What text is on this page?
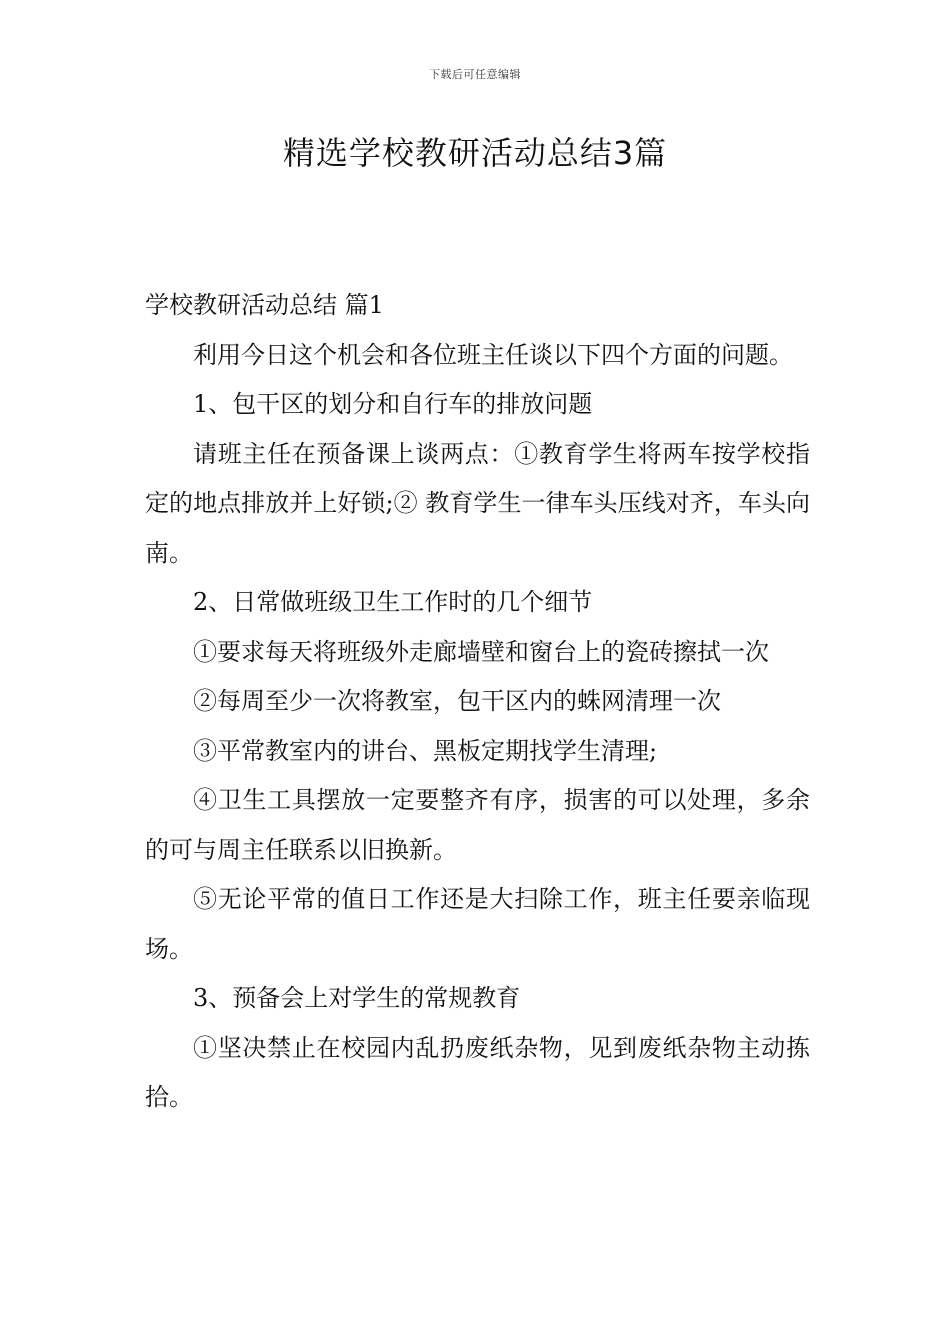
下载后可任意编辑
精选学校教研活动总结3篇

学校教研活动总结 篇1

利用今日这个机会和各位班主任谈以下四个方面的问题。

1、包干区的划分和自行车的排放问题

请班主任在预备课上谈两点：①教育学生将两车按学校指定的地点排放并上好锁;② 教育学生一律车头压线对齐，车头向南。

2、日常做班级卫生工作时的几个细节

①要求每天将班级外走廊墙壁和窗台上的瓷砖擦拭一次

②每周至少一次将教室，包干区内的蛛网清理一次

③平常教室内的讲台、黑板定期找学生清理;

④卫生工具摆放一定要整齐有序，损害的可以处理，多余的可与周主任联系以旧换新。

⑤无论平常的值日工作还是大扫除工作，班主任要亲临现场。

3、预备会上对学生的常规教育

①坚决禁止在校园内乱扔废纸杂物，见到废纸杂物主动拣拾。
